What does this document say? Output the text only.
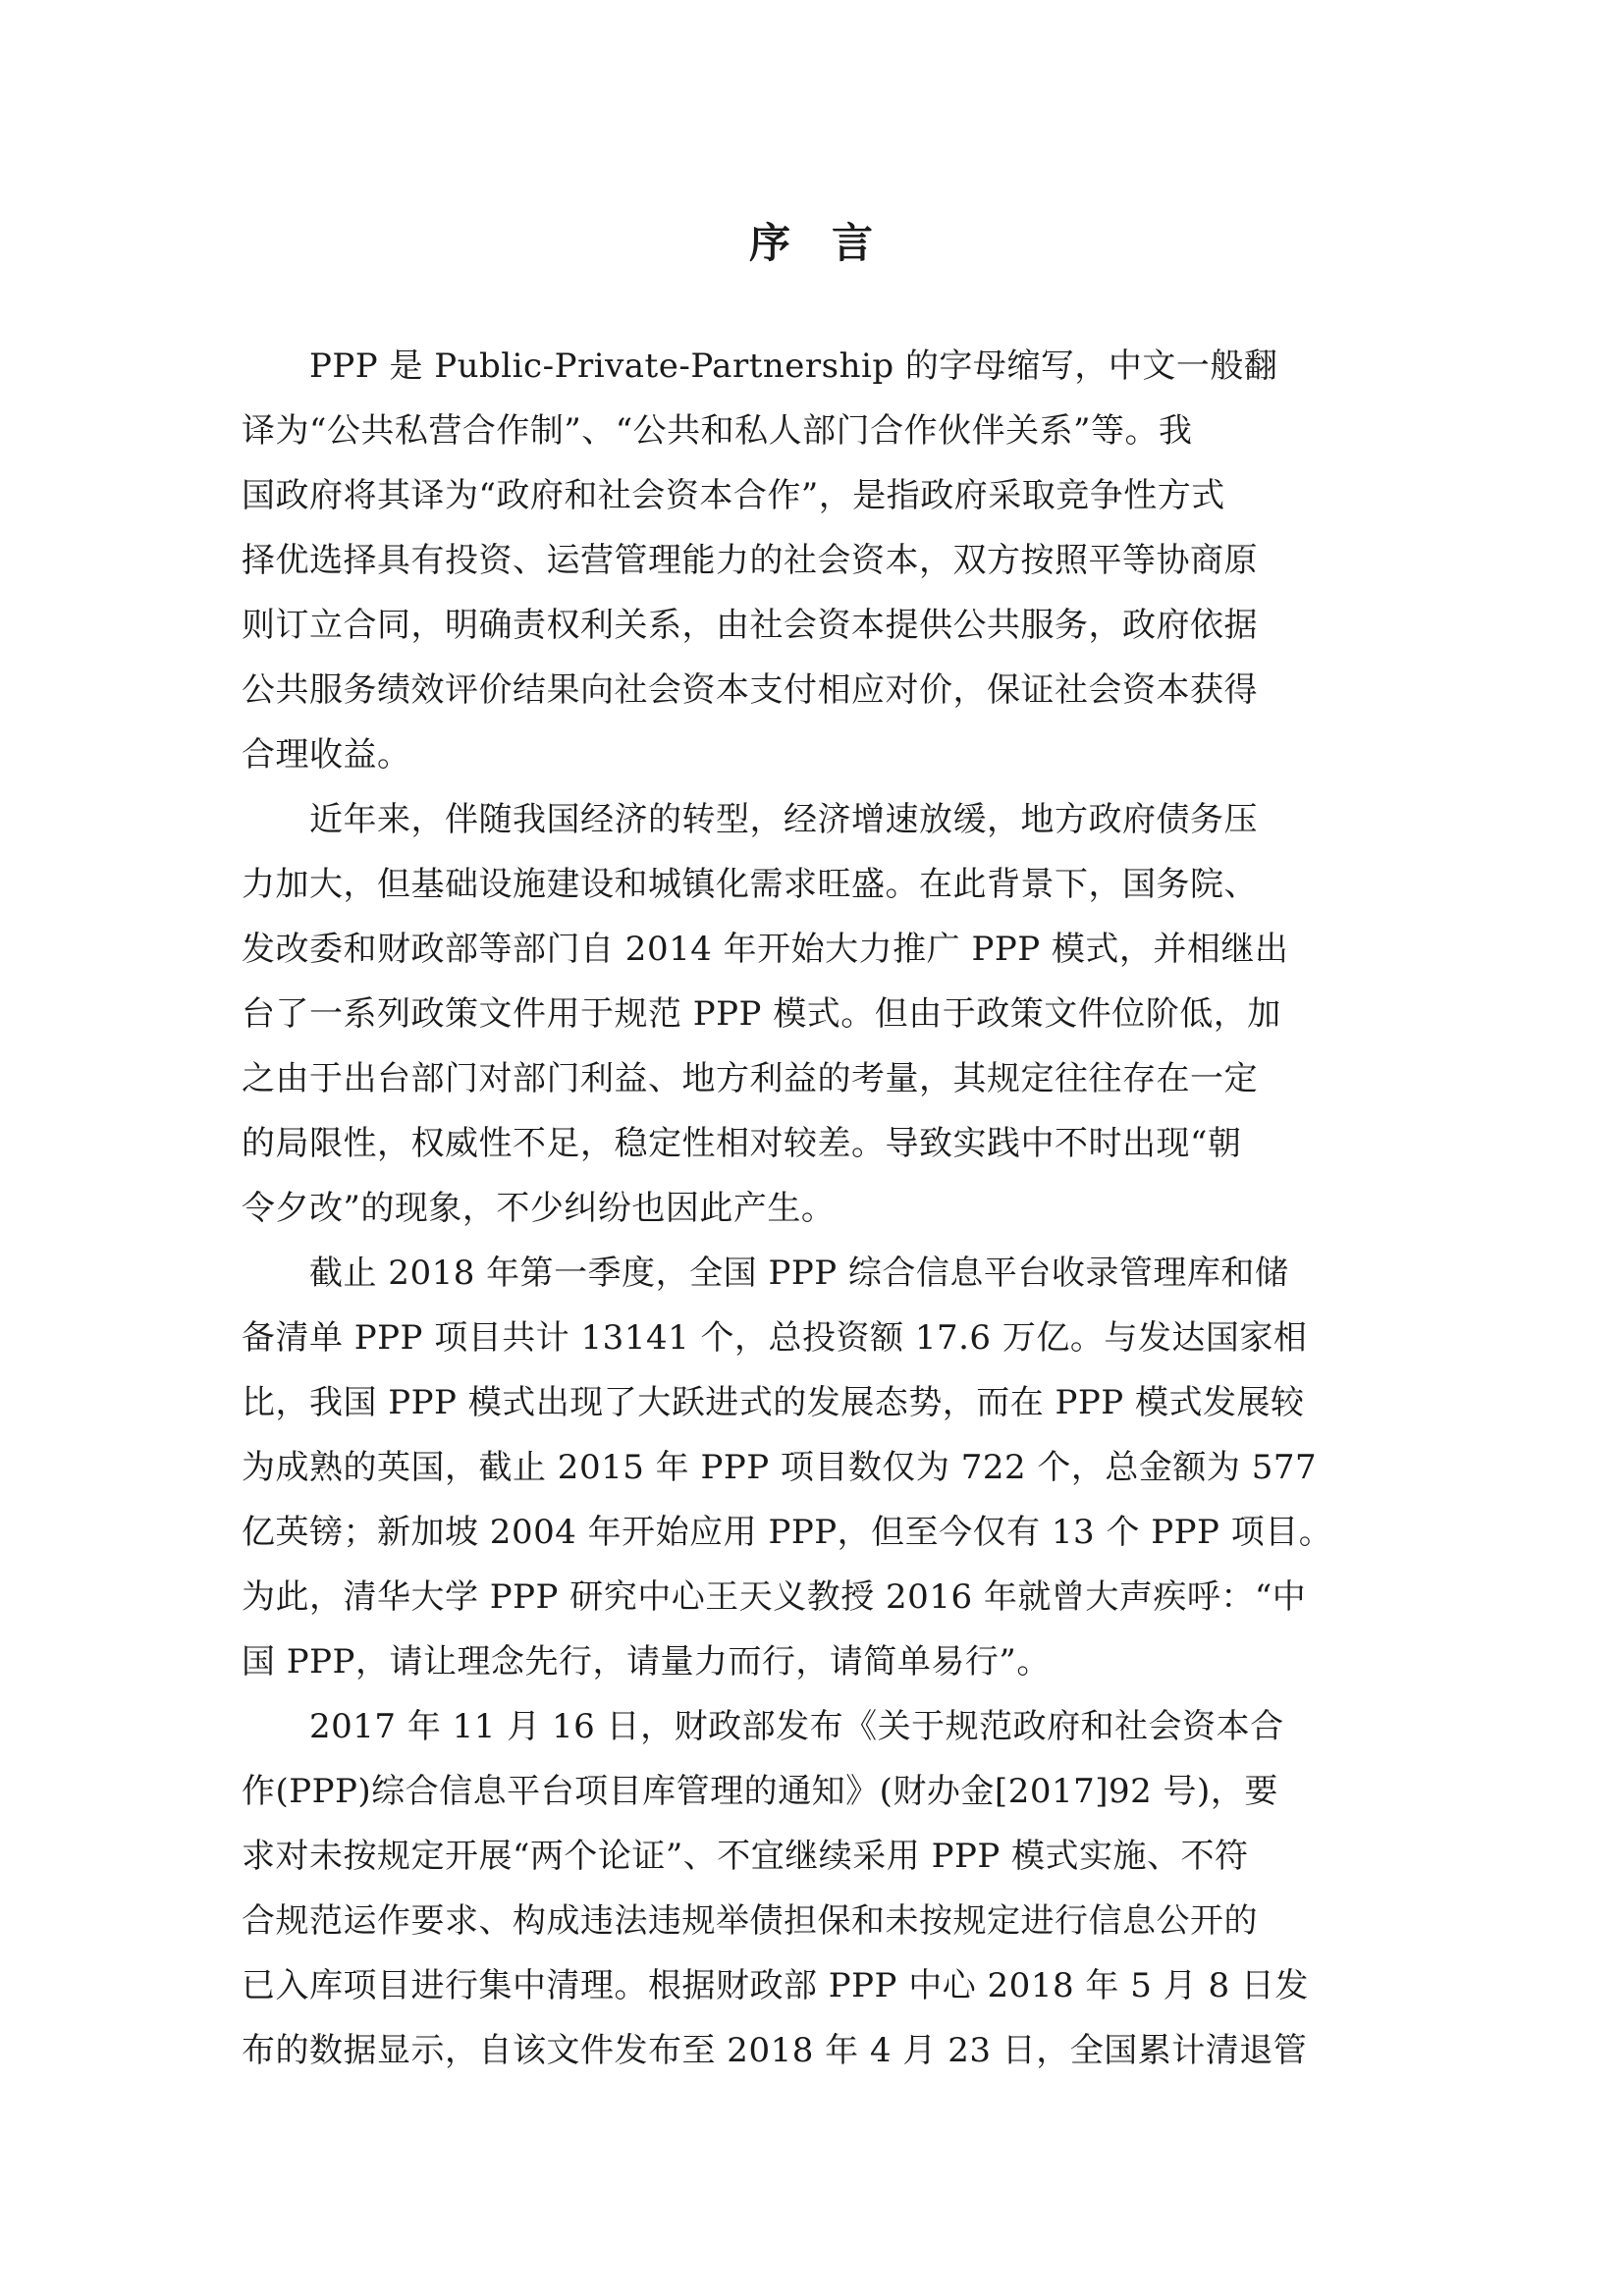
序 言
　　PPP 是 Public-Private-Partnership 的字母缩写，中文一般翻
译为“公共私营合作制”、“公共和私人部门合作伙伴关系”等。我
国政府将其译为“政府和社会资本合作”，是指政府采取竞争性方式
择优选择具有投资、运营管理能力的社会资本，双方按照平等协商原
则订立合同，明确责权利关系，由社会资本提供公共服务，政府依据
公共服务绩效评价结果向社会资本支付相应对价，保证社会资本获得
合理收益。
　　近年来，伴随我国经济的转型，经济增速放缓，地方政府债务压
力加大，但基础设施建设和城镇化需求旺盛。在此背景下，国务院、
发改委和财政部等部门自 2014 年开始大力推广 PPP 模式，并相继出
台了一系列政策文件用于规范 PPP 模式。但由于政策文件位阶低，加
之由于出台部门对部门利益、地方利益的考量，其规定往往存在一定
的局限性，权威性不足，稳定性相对较差。导致实践中不时出现“朝
令夕改”的现象，不少纠纷也因此产生。
　　截止 2018 年第一季度，全国 PPP 综合信息平台收录管理库和储
备清单 PPP 项目共计 13141 个，总投资额 17.6 万亿。与发达国家相
比，我国 PPP 模式出现了大跃进式的发展态势，而在 PPP 模式发展较
为成熟的英国，截止 2015 年 PPP 项目数仅为 722 个，总金额为 577
亿英镑；新加坡 2004 年开始应用 PPP，但至今仅有 13 个 PPP 项目。
为此，清华大学 PPP 研究中心王天义教授 2016 年就曾大声疾呼：“中
国 PPP，请让理念先行，请量力而行，请简单易行”。
　　2017 年 11 月 16 日，财政部发布《关于规范政府和社会资本合
作(PPP)综合信息平台项目库管理的通知》(财办金[2017]92 号)，要
求对未按规定开展“两个论证”、不宜继续采用 PPP 模式实施、不符
合规范运作要求、构成违法违规举债担保和未按规定进行信息公开的
已入库项目进行集中清理。根据财政部 PPP 中心 2018 年 5 月 8 日发
布的数据显示，自该文件发布至 2018 年 4 月 23 日，全国累计清退管
